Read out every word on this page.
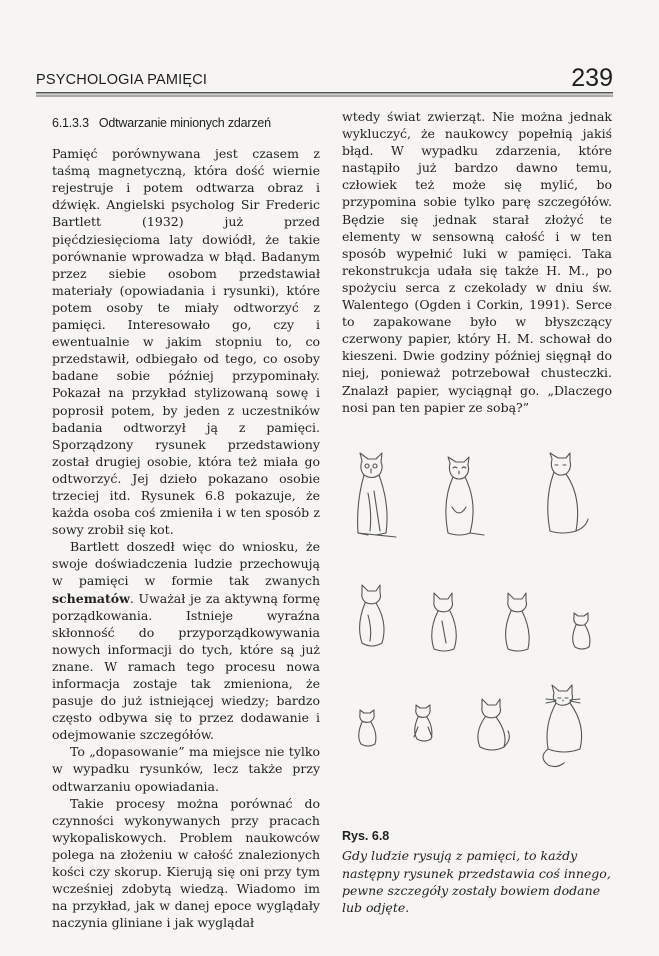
PSYCHOLOGIA PAMIĘCI	239
6.1.3.3 Odtwarzanie minionych zdarzeń

Pamięć porównywana jest czasem z taśmą magnetyczną, która dość wiernie rejestruje i potem odtwarza obraz i dźwięk. Angielski psycholog Sir Frederic Bartlett (1932) już przed pięćdziesięcioma laty dowiódł, że takie porównanie wprowadza w błąd. Badanym przez siebie osobom przedstawiał materiały (opowiadania i rysunki), które potem osoby te miały odtworzyć z pamięci. Interesowało go, czy i ewentualnie w jakim stopniu to, co przedstawił, odbiegało od tego, co osoby badane sobie później przypominały. Pokazał na przykład stylizowaną sowę i poprosił potem, by jeden z uczestników badania odtworzył ją z pamięci. Sporządzony rysunek przedstawiony został drugiej osobie, która też miała go odtworzyć. Jej dzieło pokazano osobie trzeciej itd. Rysunek 6.8 pokazuje, że każda osoba coś zmieniła i w ten sposób z sowy zrobił się kot.

Bartlett doszedł więc do wniosku, że swoje doświadczenia ludzie przechowują w pamięci w formie tak zwanych schematów. Uważał je za aktywną formę porządkowania. Istnieje wyraźna skłonność do przyporządkowywania nowych informacji do tych, które są już znane. W ramach tego procesu nowa informacja zostaje tak zmieniona, że pasuje do już istniejącej wiedzy; bardzo często odbywa się to przez dodawanie i odejmowanie szczegółów.

To „dopasowanie” ma miejsce nie tylko w wypadku rysunków, lecz także przy odtwarzaniu opowiadania.

Takie procesy można porównać do czynności wykonywanych przy pracach wykopaliskowych. Problem naukowców polega na złożeniu w całość znalezionych kości czy skorup. Kierują się oni przy tym wcześniej zdobytą wiedzą. Wiadomo im na przykład, jak w danej epoce wyglądały naczynia gliniane i jak wyglądał

wtedy świat zwierząt. Nie można jednak wykluczyć, że naukowcy popełnią jakiś błąd. W wypadku zdarzenia, które nastąpiło już bardzo dawno temu, człowiek też może się mylić, bo przypomina sobie tylko parę szczegółów. Będzie się jednak starał złożyć te elementy w sensowną całość i w ten sposób wypełnić luki w pamięci. Taka rekonstrukcja udała się także H. M., po spożyciu serca z czekolady w dniu św. Walentego (Ogden i Corkin, 1991). Serce to zapakowane było w błyszczący czerwony papier, który H. M. schował do kieszeni. Dwie godziny później sięgnął do niej, ponieważ potrzebował chusteczki. Znalazł papier, wyciągnął go. „Dlaczego nosi pan ten papier ze sobą?”

Rys. 6.8
Gdy ludzie rysują z pamięci, to każdy następny rysunek przedstawia coś innego, pewne szczegóły zostały bowiem dodane lub odjęte.
